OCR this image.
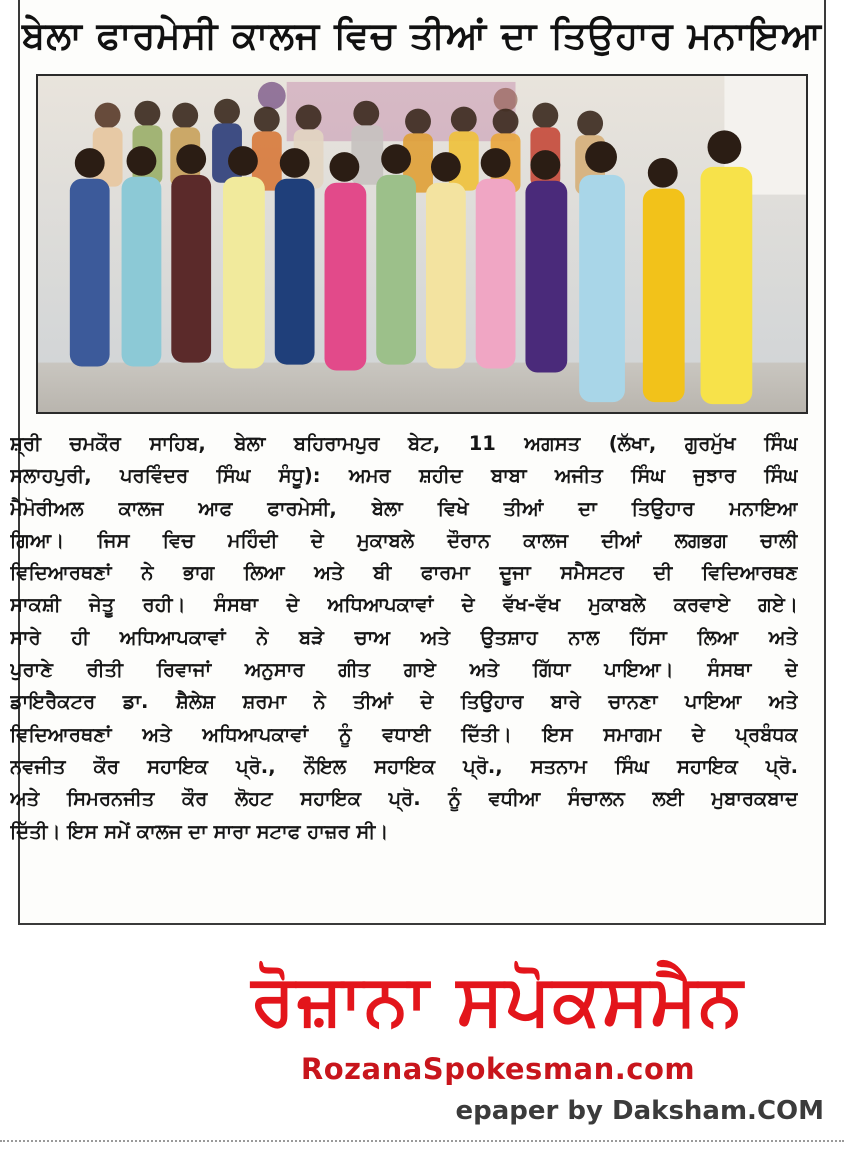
ਬੇਲਾ ਫਾਰਮੇਸੀ ਕਾਲਜ ਵਿਚ ਤੀਆਂ ਦਾ ਤਿਉਹਾਰ ਮਨਾਇਆ
ਸ਼੍ਰੀ ਚਮਕੌਰ ਸਾਹਿਬ, ਬੇਲਾ ਬਹਿਰਾਮਪੁਰ ਬੇਟ, 11 ਅਗਸਤ (ਲੱਖਾ, ਗੁਰਮੁੱਖ ਸਿੰਘ
ਸਲਾਹਪੁਰੀ, ਪਰਵਿੰਦਰ ਸਿੰਘ ਸੰਧੂ): ਅਮਰ ਸ਼ਹੀਦ ਬਾਬਾ ਅਜੀਤ ਸਿੰਘ ਜੁਝਾਰ ਸਿੰਘ
ਮੈਮੋਰੀਅਲ ਕਾਲਜ ਆਫ ਫਾਰਮੇਸੀ, ਬੇਲਾ ਵਿਖੇ ਤੀਆਂ ਦਾ ਤਿਉਹਾਰ ਮਨਾਇਆ
ਗਿਆ। ਜਿਸ ਵਿਚ ਮਹਿੰਦੀ ਦੇ ਮੁਕਾਬਲੇ ਦੌਰਾਨ ਕਾਲਜ ਦੀਆਂ ਲਗਭਗ ਚਾਲੀ
ਵਿਦਿਆਰਥਣਾਂ ਨੇ ਭਾਗ ਲਿਆ ਅਤੇ ਬੀ ਫਾਰਮਾ ਦੂਜਾ ਸਮੈਸਟਰ ਦੀ ਵਿਦਿਆਰਥਣ
ਸਾਕਸ਼ੀ ਜੇਤੂ ਰਹੀ। ਸੰਸਥਾ ਦੇ ਅਧਿਆਪਕਾਵਾਂ ਦੇ ਵੱਖ-ਵੱਖ ਮੁਕਾਬਲੇ ਕਰਵਾਏ ਗਏ।
ਸਾਰੇ ਹੀ ਅਧਿਆਪਕਾਵਾਂ ਨੇ ਬੜੇ ਚਾਅ ਅਤੇ ਉਤਸ਼ਾਹ ਨਾਲ ਹਿੱਸਾ ਲਿਆ ਅਤੇ
ਪੁਰਾਣੇ ਰੀਤੀ ਰਿਵਾਜਾਂ ਅਨੁਸਾਰ ਗੀਤ ਗਾਏ ਅਤੇ ਗਿੱਧਾ ਪਾਇਆ। ਸੰਸਥਾ ਦੇ
ਡਾਇਰੈਕਟਰ ਡਾ. ਸ਼ੈਲੇਸ਼ ਸ਼ਰਮਾ ਨੇ ਤੀਆਂ ਦੇ ਤਿਉਹਾਰ ਬਾਰੇ ਚਾਨਣਾ ਪਾਇਆ ਅਤੇ
ਵਿਦਿਆਰਥਣਾਂ ਅਤੇ ਅਧਿਆਪਕਾਵਾਂ ਨੂੰ ਵਧਾਈ ਦਿੱਤੀ। ਇਸ ਸਮਾਗਮ ਦੇ ਪ੍ਰਬੰਧਕ
ਨਵਜੀਤ ਕੌਰ ਸਹਾਇਕ ਪ੍ਰੋ., ਨੌਇਲ ਸਹਾਇਕ ਪ੍ਰੋ., ਸਤਨਾਮ ਸਿੰਘ ਸਹਾਇਕ ਪ੍ਰੋ.
ਅਤੇ ਸਿਮਰਨਜੀਤ ਕੌਰ ਲੋਹਟ ਸਹਾਇਕ ਪ੍ਰੋ. ਨੂੰ ਵਧੀਆ ਸੰਚਾਲਨ ਲਈ ਮੁਬਾਰਕਬਾਦ
ਦਿੱਤੀ। ਇਸ ਸਮੇਂ ਕਾਲਜ ਦਾ ਸਾਰਾ ਸਟਾਫ ਹਾਜ਼ਰ ਸੀ।
ਰੋਜ਼ਾਨਾ ਸਪੋਕਸਮੈਨ
RozanaSpokesman.com
epaper by Daksham.COM
